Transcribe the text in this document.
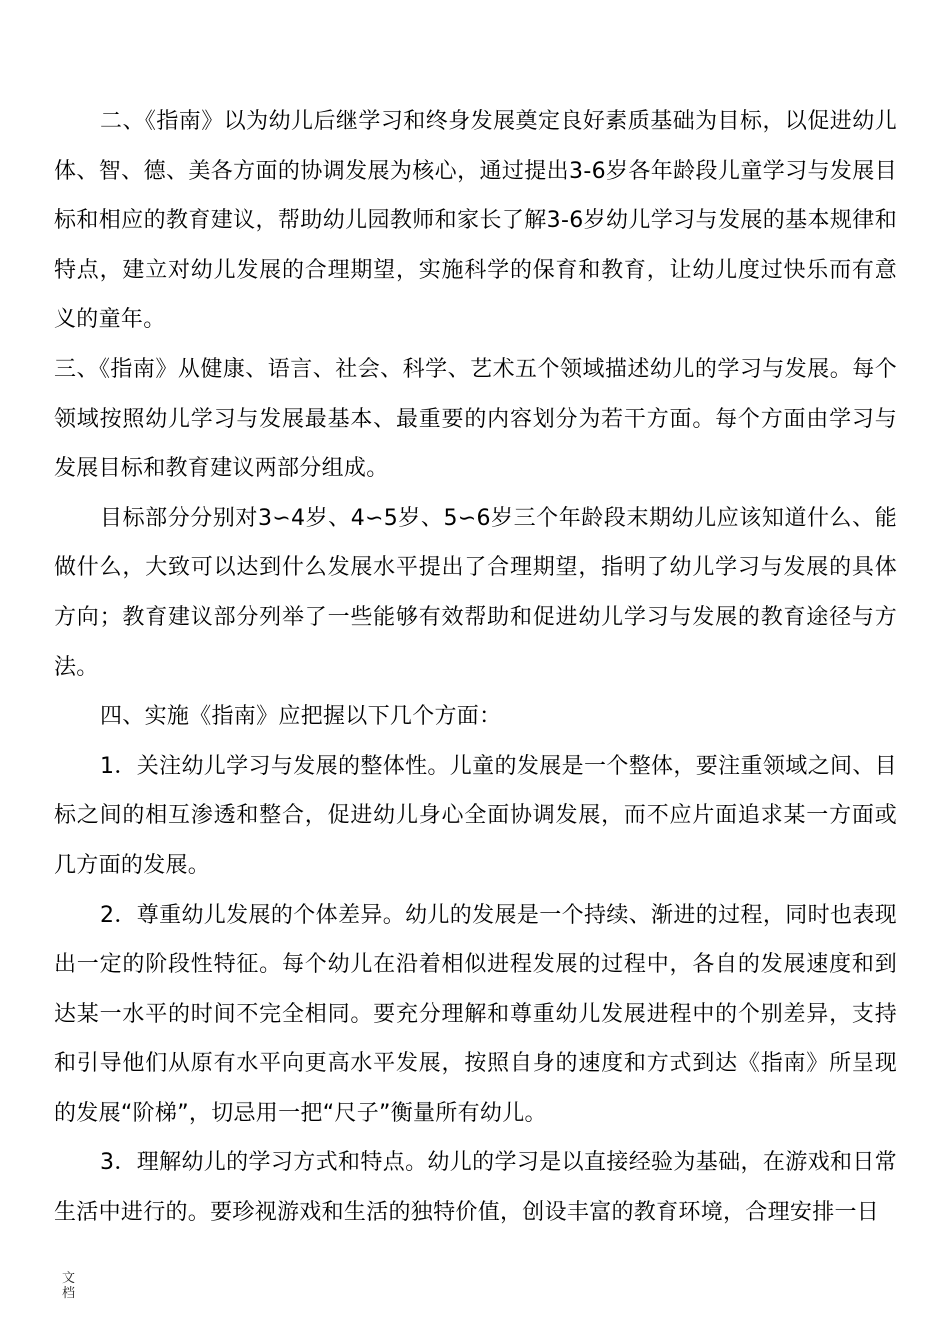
二、《指南》以为幼儿后继学习和终身发展奠定良好素质基础为目标，以促进幼儿体、智、德、美各方面的协调发展为核心，通过提出3-6岁各年龄段儿童学习与发展目标和相应的教育建议，帮助幼儿园教师和家长了解3-6岁幼儿学习与发展的基本规律和特点，建立对幼儿发展的合理期望，实施科学的保育和教育，让幼儿度过快乐而有意义的童年。

三、《指南》从健康、语言、社会、科学、艺术五个领域描述幼儿的学习与发展。每个领域按照幼儿学习与发展最基本、最重要的内容划分为若干方面。每个方面由学习与发展目标和教育建议两部分组成。

目标部分分别对3∽4岁、4∽5岁、5∽6岁三个年龄段末期幼儿应该知道什么、能做什么，大致可以达到什么发展水平提出了合理期望，指明了幼儿学习与发展的具体方向；教育建议部分列举了一些能够有效帮助和促进幼儿学习与发展的教育途径与方法。

四、实施《指南》应把握以下几个方面：

1．关注幼儿学习与发展的整体性。儿童的发展是一个整体，要注重领域之间、目标之间的相互渗透和整合，促进幼儿身心全面协调发展，而不应片面追求某一方面或几方面的发展。

2．尊重幼儿发展的个体差异。幼儿的发展是一个持续、渐进的过程，同时也表现出一定的阶段性特征。每个幼儿在沿着相似进程发展的过程中，各自的发展速度和到达某一水平的时间不完全相同。要充分理解和尊重幼儿发展进程中的个别差异，支持和引导他们从原有水平向更高水平发展，按照自身的速度和方式到达《指南》所呈现的发展“阶梯”，切忌用一把“尺子”衡量所有幼儿。

3．理解幼儿的学习方式和特点。幼儿的学习是以直接经验为基础，在游戏和日常生活中进行的。要珍视游戏和生活的独特价值，创设丰富的教育环境，合理安排一日

文档
